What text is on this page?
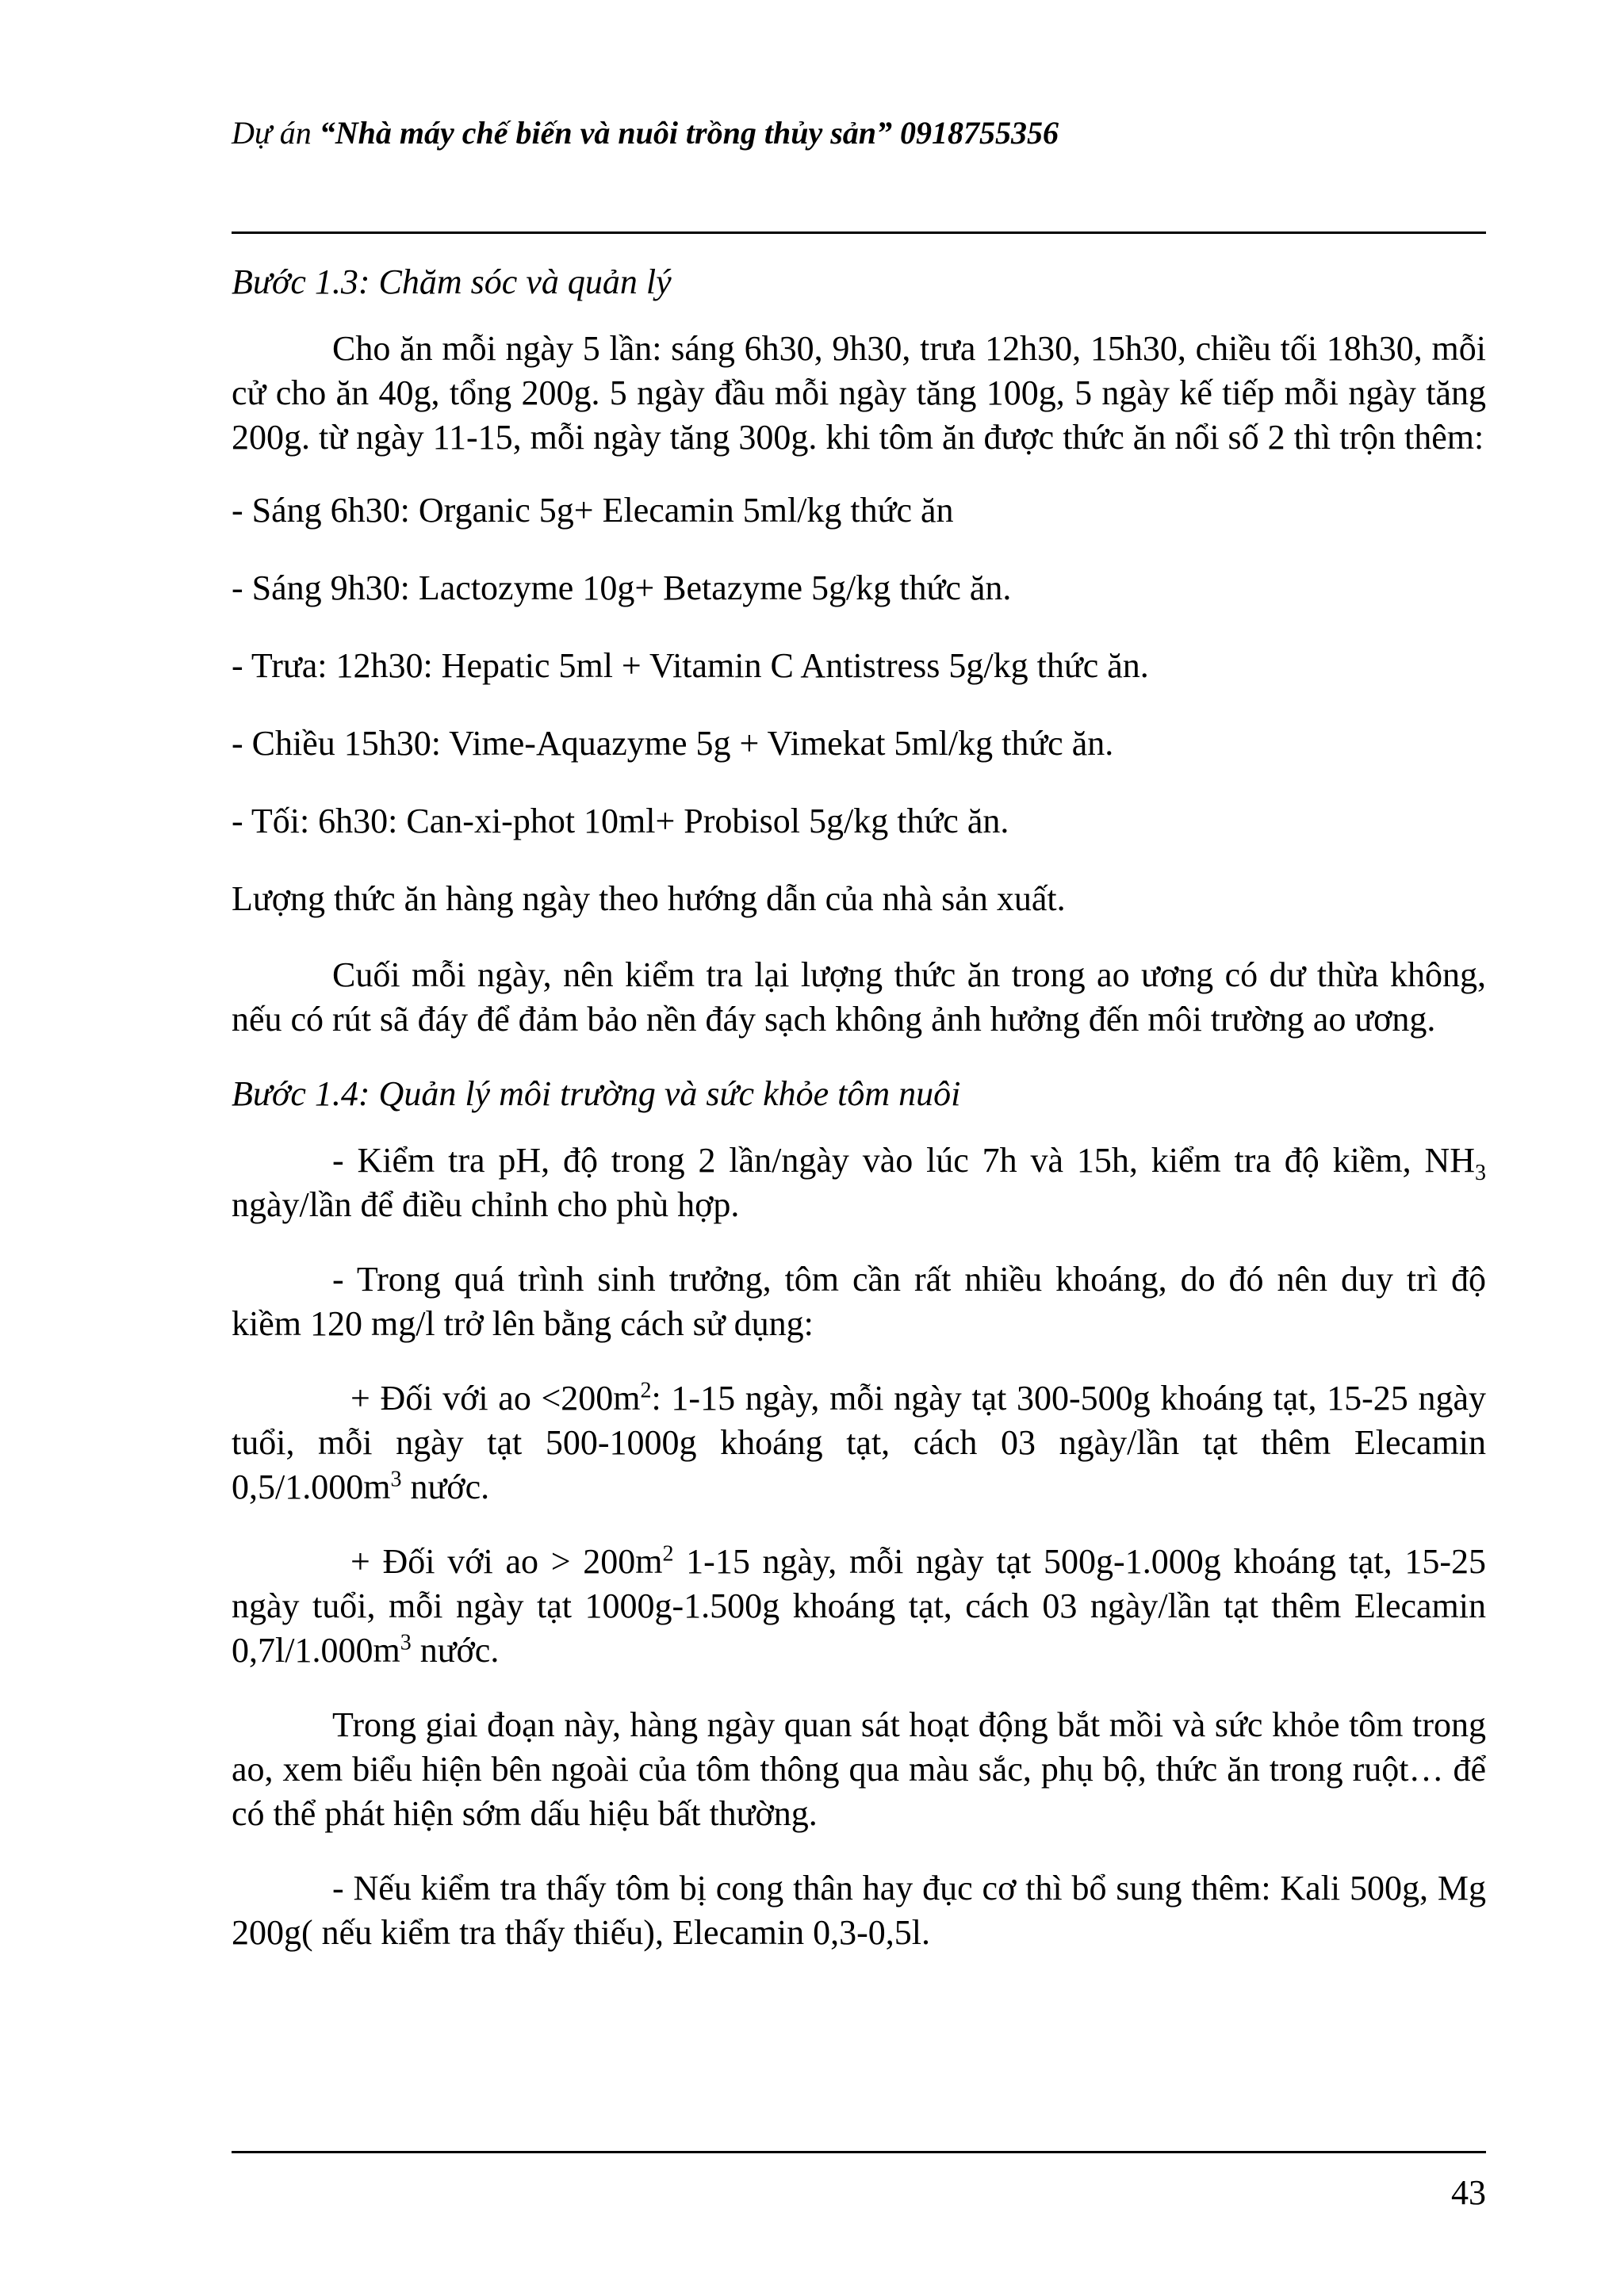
Dự án “Nhà máy chế biến và nuôi trồng thủy sản” 0918755356

Bước 1.3: Chăm sóc và quản lý

Cho ăn mỗi ngày 5 lần: sáng 6h30, 9h30, trưa 12h30, 15h30, chiều tối 18h30, mỗi cử cho ăn 40g, tổng 200g. 5 ngày đầu mỗi ngày tăng 100g, 5 ngày kế tiếp mỗi ngày tăng 200g. từ ngày 11-15, mỗi ngày tăng 300g. khi tôm ăn được thức ăn nổi số 2 thì trộn thêm:

- Sáng 6h30: Organic 5g+ Elecamin 5ml/kg thức ăn

- Sáng 9h30: Lactozyme 10g+ Betazyme 5g/kg thức ăn.

- Trưa: 12h30: Hepatic 5ml + Vitamin C Antistress 5g/kg thức ăn.

- Chiều 15h30: Vime-Aquazyme 5g + Vimekat 5ml/kg thức ăn.

- Tối: 6h30: Can-xi-phot 10ml+ Probisol 5g/kg thức ăn.

Lượng thức ăn hàng ngày theo hướng dẫn của nhà sản xuất.

Cuối mỗi ngày, nên kiểm tra lại lượng thức ăn trong ao ương có dư thừa không, nếu có rút sã đáy để đảm bảo nền đáy sạch không ảnh hưởng đến môi trường ao ương.

Bước 1.4: Quản lý môi trường và sức khỏe tôm nuôi

- Kiểm tra pH, độ trong 2 lần/ngày vào lúc 7h và 15h, kiểm tra độ kiềm, $NH_3$ ngày/lần để điều chỉnh cho phù hợp.

- Trong quá trình sinh trưởng, tôm cần rất nhiều khoáng, do đó nên duy trì độ kiềm 120 mg/l trở lên bằng cách sử dụng:

+ Đối với ao $<200m^2$: 1-15 ngày, mỗi ngày tạt 300-500g khoáng tạt, 15-25 ngày tuổi, mỗi ngày tạt 500-1000g khoáng tạt, cách 03 ngày/lần tạt thêm Elecamin $0,5/1.000m^3$ nước.

+ Đối với ao > $200m^2$ 1-15 ngày, mỗi ngày tạt 500g-1.000g khoáng tạt, 15-25 ngày tuổi, mỗi ngày tạt 1000g-1.500g khoáng tạt, cách 03 ngày/lần tạt thêm Elecamin $0,7l/1.000m^3$ nước.

Trong giai đoạn này, hàng ngày quan sát hoạt động bắt mồi và sức khỏe tôm trong ao, xem biểu hiện bên ngoài của tôm thông qua màu sắc, phụ bộ, thức ăn trong ruột… để có thể phát hiện sớm dấu hiệu bất thường.

- Nếu kiểm tra thấy tôm bị cong thân hay đục cơ thì bổ sung thêm: Kali 500g, Mg 200g( nếu kiểm tra thấy thiếu), Elecamin 0,3-0,5l.

43
